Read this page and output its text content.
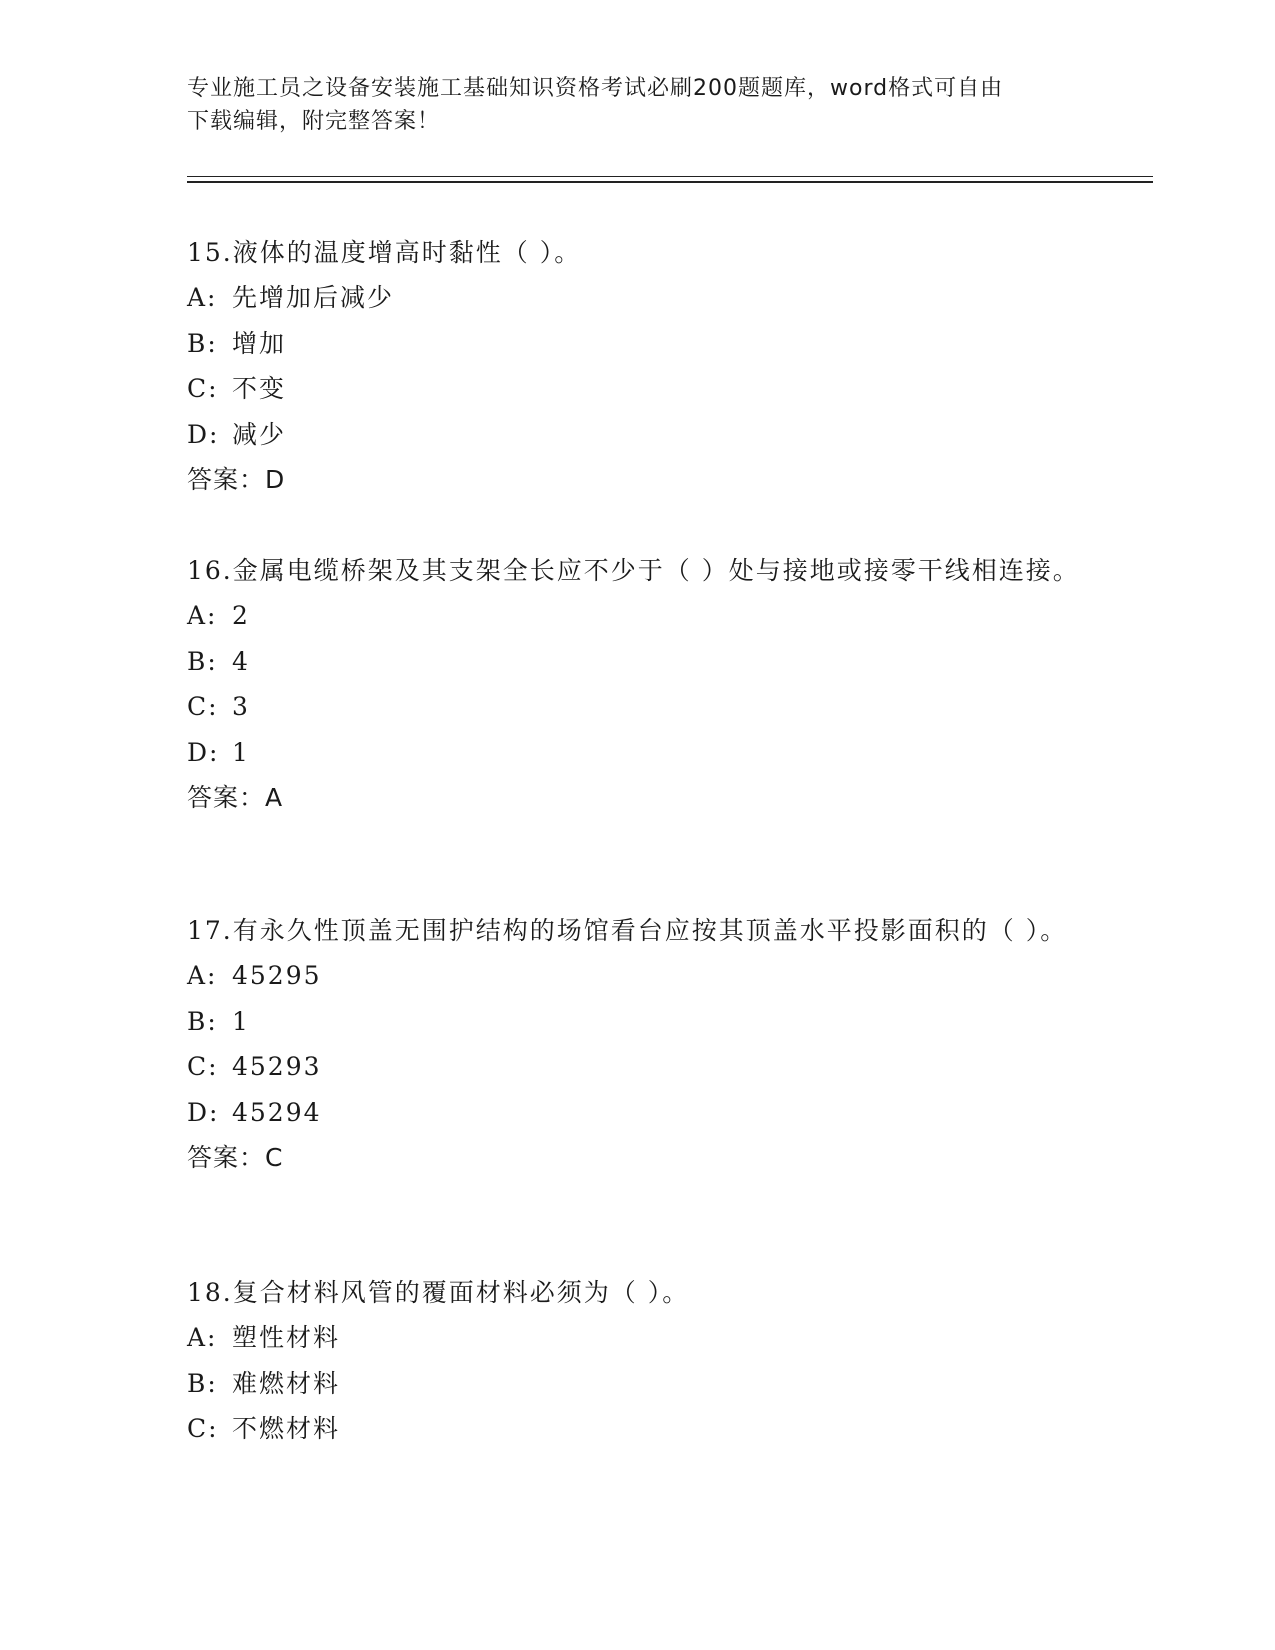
专业施工员之设备安装施工基础知识资格考试必刷200题题库，word格式可自由
下载编辑，附完整答案！

15.液体的温度增高时黏性（ ）。

A: 先增加后减少

B: 增加

C: 不变

D: 减少

答案：D

16.金属电缆桥架及其支架全长应不少于（ ）处与接地或接零干线相连接。

A: 2

B: 4

C: 3

D: 1

答案：A

17.有永久性顶盖无围护结构的场馆看台应按其顶盖水平投影面积的（ ）。

A: 45295

B: 1

C: 45293

D: 45294

答案：C

18.复合材料风管的覆面材料必须为（ ）。

A: 塑性材料

B: 难燃材料

C: 不燃材料
